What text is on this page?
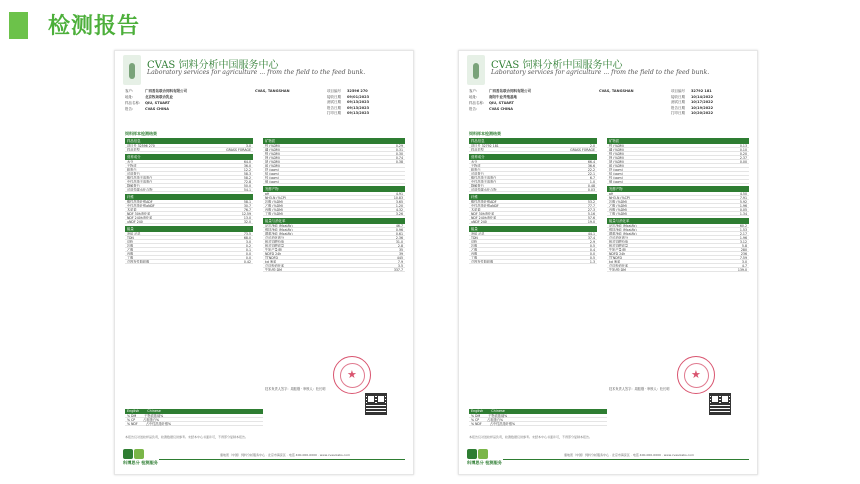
检测报告
CVAS 饲料分析中国服务中心
Laboratory services for agriculture ... from the field to the feed bunk.
客户:	广西香岛联合饲料有限公司
地址:	北京牧场联合乳业
样品名称: QIU, STUART
报告:	CVAS CHINA
CVAS, TANGSHAN	项目编号	32596 270
接收日期	09/01/2023
测试日期	09/13/2023
报告日期	09/13/2023
打印日期	09/13/2023
饲料样本检测结果
样品信息
项目号 32596 270	3.0
样品类型	GRASS FORAGE
营养成分
水分	64.0
干物质	36.0
粗蛋白	12.2
可溶蛋白	58.3
酸性洗涤不溶蛋白	58.2
中性洗涤不溶蛋白	72.8
降解蛋白	50.0
可溶性碳水化合物	54.1
纤维
酸性洗涤纤维ADF	58.1
中性洗涤纤维aNDF	30.7
木质素	76.7
NDF 30h消化率	12.59
NDF 240h消化率	13.0
uNDF 240	32.0
能量
净能 泌乳	73.5
TDN	68.0
淀粉	3.0
乳酸	0.2
乙酸	0.1
丙酸	0.0
丁酸	0.0
总挥发性脂肪酸	0.42
矿物质
钙 (%DM)	0.29
磷 (%DM)	0.31
镁 (%DM)	0.30
钾 (%DM)	0.74
钠 (%DM)	0.38
硫 (%DM)
铁 (ppm)
锰 (ppm)
锌 (ppm)
铜 (ppm)
发酵产物
pH	4.91
NH3-N (%CP)	10.83
乳酸 (%DM)	3.65
乙酸 (%DM)	1.20
丙酸 (%DM)	4.32
丁酸 (%DM)	3.26
能量与消化率
泌乳净能 (Mcal/lb)	46.7
维持净能 (Mcal/lb)	0.96
增重净能 (Mcal/lb)	0.61
总可消化养分	2.36
相对饲喂价值	31.0
相对饲喂质量	2.8
牛奶产量/吨	35
NDFD 24h	39
TTNDFD	445
kd 速率	7.9
总淀粉消化率	3.5
牛奶/吨 DM	337.7
English Chinese
% DM	干物质基础%
% CP	占粗蛋白%
% NDF	占中性洗涤纤维%
本报告仅对送检样品负责，检测数据仅供参考。未经本中心书面许可，不得部分复制本报告。
技术负责人签字：周振刚 · 审核人：杜长明
★
科博思分 检测服务
康地恩（中国）饲料分析服务中心 · 北京市海淀区 · 电话 400-000-0000 · www.cvasolabs.com
CVAS 饲料分析中国服务中心
Laboratory services for agriculture ... from the field to the feed bunk.
客户:	广西香岛联合饲料有限公司
地址:	南阳牛业养殖基地
样品名称: QIU, STUART
报告:	CVAS CHINA
CVAS, TANGSHAN	项目编号	32792 181
接收日期	10/14/2022
测试日期	10/17/2022
报告日期	10/19/2022
打印日期	10/20/2022
饲料样本检测结果
样品信息
项目号 32792 181	2.0
样品类型	GRASS FORAGE
营养成分
水分	66.4
干物质	36.6
粗蛋白	22.2
可溶蛋白	22.1
酸性洗涤不溶蛋白	6.7
中性洗涤不溶蛋白	1.0
降解蛋白	0.48
可溶性碳水化合物	0.03
纤维
酸性洗涤纤维ADF	53.2
中性洗涤纤维aNDF	77.7
木质素	27.3
NDF 30h消化率	5.16
NDF 240h消化率	57.6
uNDF 240	19.0
能量
净能 泌乳	44.1
TDN	37.4
淀粉	2.9
乳酸	0.5
乙酸	0.4
丙酸	0.0
丁酸	0.5
总挥发性脂肪酸	1.3
矿物质
钙 (%DM)	0.13
磷 (%DM)	0.10
镁 (%DM)	0.20
钾 (%DM)	2.37
钠 (%DM)	0.00
硫 (%DM)
铁 (ppm)
锰 (ppm)
锌 (ppm)
铜 (ppm)
发酵产物
pH	4.50
NH3-N (%CP)	7.91
乳酸 (%DM)	5.92
乙酸 (%DM)	1.96
丙酸 (%DM)	0.05
丁酸 (%DM)	1.34
能量与消化率
泌乳净能 (Mcal/lb)	60.2
维持净能 (Mcal/lb)	1.53
增重净能 (Mcal/lb)	2.17
总可消化养分	1.96
相对饲喂价值	3.12
相对饲喂质量	5.8
牛奶产量/吨	280
NDFD 24h	236
TTNDFD	7.59
kd 速率	3.0
总淀粉消化率	4.7
牛奶/吨 DM	139.0
English Chinese
% DM	干物质基础%
% CP	占粗蛋白%
% NDF	占中性洗涤纤维%
本报告仅对送检样品负责，检测数据仅供参考。未经本中心书面许可，不得部分复制本报告。
技术负责人签字：周振刚 · 审核人：杜长明
★
科博思分 检测服务
康地恩（中国）饲料分析服务中心 · 北京市海淀区 · 电话 400-000-0000 · www.cvasolabs.com
